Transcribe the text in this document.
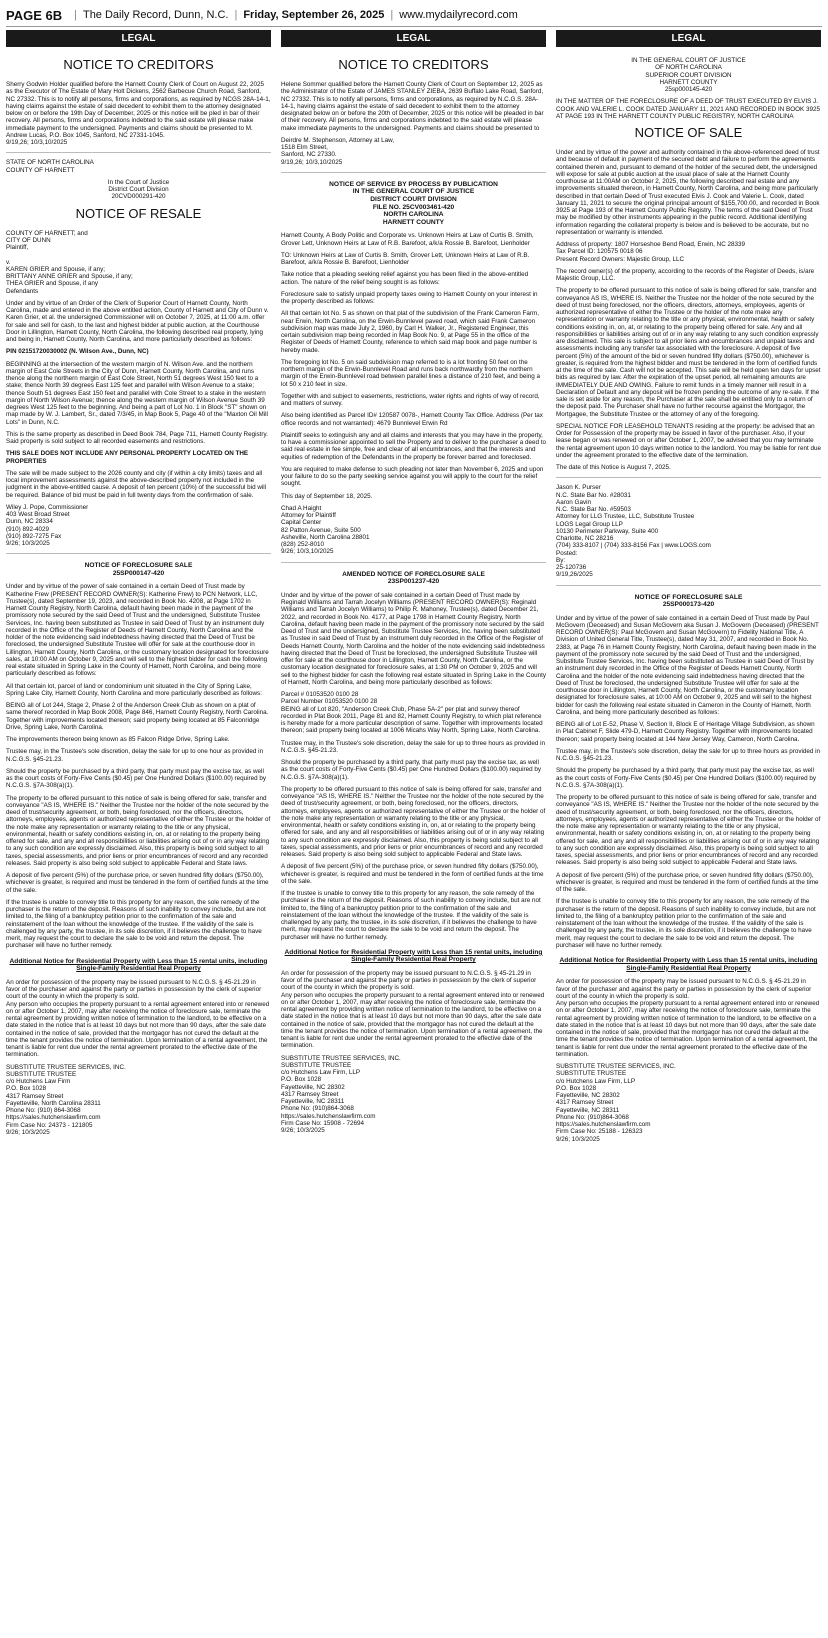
PAGE 6B | The Daily Record, Dunn, N.C. | Friday, September 26, 2025 | www.mydailyrecord.com
LEGAL
NOTICE TO CREDITORS

Sherry Godwin Holder qualified before the Harnett County Clerk of Court on August 22, 2025 as the Executor of The Estate of Mary Holt Dickens, 2562 Barbecue Church Road, Sanford, NC 27332. This is to notify all persons, firms and corporations, as required by NCGS 28A-14-1, having claims against the estate of said decedent to exhibit them to the attorney designated below on or before the 19th Day of December, 2025 or this notice will be pled in bar of their recovery. All persons, firms and corporations indebted to the said estate will please make immediate payment to the undersigned. Payments and claims should be presented to M. Andrew Lucas, P.O. Box 1045, Sanford, NC 27331-1045.
9/19,26; 10/3,10/2025

STATE OF NORTH CAROLINA
COUNTY OF HARNETT

In the Court of Justice
District Court Division
20CVD000291-420

NOTICE OF RESALE

COUNTY OF HARNETT; and
CITY OF DUNN
Plaintiff,

v.
KAREN GRIER and Spouse, if any;
BRITTANY ANNE GRIER and Spouse, if any;
THEA GRIER and Spouse, if any
Defendants

Under and by virtue of an Order of the Clerk of Superior Court of Harnett County, North Carolina, made and entered in the above entitled action, County of Harnett and City of Dunn v. Karen Grier, et al. the undersigned Commissioner will on October 7, 2025, at 11:00 a.m. offer for sale and sell for cash, to the last and highest bidder at public auction, at the Courthouse Door in Lillington, Harnett County, North Carolina, the following described real property, lying and being in, Harnett County, North Carolina, and more particularly described as follows:

PIN 02151720030002 (N. Wilson Ave., Dunn, NC)

BEGINNING at the intersection of the western margin of N. Wilson Ave. and the northern margin of East Cole Streets in the City of Dunn, Harnett County, North Carolina, and runs thence along the northern margin of East Cole Street, North 51 degrees West 150 feet to a stake; thence North 39 degrees East 125 feet and parallel with Wilson Avenue to a stake; thence South 51 degrees East 150 feet and parallel with Cole Street to a stake in the western margin of North Wilson Avenue; thence along the western margin of Wilson Avenue South 39 degrees West 125 feet to the beginning. And being a part of Lot No. 1 in Block "ST" shown on map made by W. J. Lambert, Sr., dated 7/3/45, in Map Book 5, Page 40 of the "Maxton Oil Mill Lots" in Dunn, N.C.

This is the same property as described in Deed Book 784, Page 711, Harnett County Registry. Said property is sold subject to all recorded easements and restrictions.

THIS SALE DOES NOT INCLUDE ANY PERSONAL PROPERTY LOCATED ON THE PROPERTIES

The sale will be made subject to the 2026 county and city (if within a city limits) taxes and all local improvement assessments against the above-described property not included in the judgment in the above-entitled cause. A deposit of ten percent (10%) of the successful bid will be required. Balance of bid must be paid in full twenty days from the confirmation of sale.

Wiley J. Pope, Commissioner
403 West Broad Street
Dunn, NC 28334
(910) 892-4029
(910) 892-7275 Fax
9/26; 10/3/2025

NOTICE OF FORECLOSURE SALE
25SP000147-420

Under and by virtue of the power of sale contained in a certain Deed of Trust made by Katherine Frew (PRESENT RECORD OWNER(S): Katherine Frew) to PCN Network, LLC, Trustee(s), dated September 19, 2023, and recorded in Book No. 4208, at Page 1702 in Harnett County Registry, North Carolina, default having been made in the payment of the promissory note secured by the said Deed of Trust and the undersigned, Substitute Trustee Services, Inc. having been substituted as Trustee in said Deed of Trust by an instrument duly recorded in the Office of the Register of Deeds of Harnett County, North Carolina and the holder of the note evidencing said indebtedness having directed that the Deed of Trust be foreclosed, the undersigned Substitute Trustee will offer for sale at the courthouse door in Lillington, Harnett County, North Carolina, or the customary location designated for foreclosure sales, at 10:00 AM on October 9, 2025 and will sell to the highest bidder for cash the following real estate situated in Spring Lake in the County of Harnett, North Carolina, and being more particularly described as follows:

All that certain lot, parcel of land or condominium unit situated in the City of Spring Lake, Spring Lake City, Harnett County, North Carolina and more particularly described as follows:

BEING all of Lot 244, Stage 2, Phase 2 of the Anderson Creek Club as shown on a plat of same thereof recorded in Map Book 2008, Page 846, Harnett County Registry, North Carolina. Together with improvements located thereon; said property being located at 85 Falconridge Drive, Spring Lake, North Carolina.

The improvements thereon being known as 85 Falcon Ridge Drive, Spring Lake.

Trustee may, in the Trustee's sole discretion, delay the sale for up to one hour as provided in N.C.G.S. §45-21.23.

Should the property be purchased by a third party, that party must pay the excise tax, as well as the court costs of Forty-Five Cents ($0.45) per One Hundred Dollars ($100.00) required by N.C.G.S. §7A-308(a)(1).

The property to be offered pursuant to this notice of sale is being offered for sale, transfer and conveyance "AS IS, WHERE IS." Neither the Trustee nor the holder of the note secured by the deed of trust/security agreement, or both, being foreclosed, nor the officers, directors, attorneys, employees, agents or authorized representative of either the Trustee or the holder of the note make any representation or warranty relating to the title or any physical, environmental, health or safety conditions existing in, on, at or relating to the property being offered for sale, and any and all responsibilities or liabilities arising out of or in any way relating to any such condition are expressly disclaimed. Also, this property is being sold subject to all taxes, special assessments, and prior liens or prior encumbrances of record and any recorded releases. Said property is also being sold subject to applicable Federal and State laws.

A deposit of five percent (5%) of the purchase price, or seven hundred fifty dollars ($750.00), whichever is greater, is required and must be tendered in the form of certified funds at the time of the sale.

If the trustee is unable to convey title to this property for any reason, the sole remedy of the purchaser is the return of the deposit. Reasons of such inability to convey include, but are not limited to, the filing of a bankruptcy petition prior to the confirmation of the sale and reinstatement of the loan without the knowledge of the trustee. If the validity of the sale is challenged by any party, the trustee, in its sole discretion, if it believes the challenge to have merit, may request the court to declare the sale to be void and return the deposit. The purchaser will have no further remedy.

Additional Notice for Residential Property with Less than 15 rental units, including Single-Family Residential Real Property

An order for possession of the property may be issued pursuant to N.C.G.S. § 45-21.29 in favor of the purchaser and against the party or parties in possession by the clerk of superior court of the county in which the property is sold.
Any person who occupies the property pursuant to a rental agreement entered into or renewed on or after October 1, 2007, may after receiving the notice of foreclosure sale, terminate the rental agreement by providing written notice of termination to the landlord, to be effective on a date stated in the notice that is at least 10 days but not more than 90 days, after the sale date contained in the notice of sale, provided that the mortgagor has not cured the default at the time the tenant provides the notice of termination. Upon termination of a rental agreement, the tenant is liable for rent due under the rental agreement prorated to the effective date of the termination.

SUBSTITUTE TRUSTEE SERVICES, INC.
SUBSTITUTE TRUSTEE
c/o Hutchens Law Firm
P.O. Box 1028
4317 Ramsey Street
Fayetteville, North Carolina 28311
Phone No: (910) 864-3068
https://sales.hutchenslawfirm.com
Firm Case No: 24373 - 121805
9/26; 10/3/2025

LEGAL
NOTICE TO CREDITORS

Helene Sommer qualified before the Harnett County Clerk of Court on September 12, 2025 as the Administrator of the Estate of JAMES STANLEY ZIEBA, 2639 Buffalo Lake Road, Sanford, NC 27332. This is to notify all persons, firms and corporations, as required by N.C.G.S. 28A-14-1, having claims against the estate of said decedent to exhibit them to the attorney designated below on or before the 20th of December, 2025 or this notice will be pleaded in bar of their recovery. All persons, firms and corporations indebted to the said estate will please make immediate payments to the undersigned. Payments and claims should be presented to

Deirdre M. Stephenson, Attorney at Law,
1518 Elm Street,
Sanford, NC 27330.
9/19,26; 10/3,10/2025

NOTICE OF SERVICE BY PROCESS BY PUBLICATION
IN THE GENERAL COURT OF JUSTICE
DISTRICT COURT DIVISION
FILE NO. 25CV003461-420
NORTH CAROLINA
HARNETT COUNTY

Harnett County, A Body Politic and Corporate vs. Unknown Heirs at Law of Curtis B. Smith, Grover Lett, Unknown Heirs at Law of R.B. Barefoot, a/k/a Rossie B. Barefoot, Lienholder

TO: Unknown Heirs at Law of Curtis B. Smith, Grover Lett, Unknown Heirs at Law of R.B. Barefoot, a/k/a Rossie B. Barefoot, Lienholder

Take notice that a pleading seeking relief against you has been filed in the above-entitled action. The nature of the relief being sought is as follows:

Foreclosure sale to satisfy unpaid property taxes owing to Harnett County on your interest in the property described as follows:

All that certain lot No. 5 as shown on that plat of the subdivision of the Frank Cameron Farm, near Erwin, North Carolina, on the Erwin-Bunnlevel paved road, which said Frank Cameron subdivision map was made July 2, 1960, by Carl H. Walker, Jr., Registered Engineer, this certain subdivision map being recorded in Map Book No. 9, at Page 55 in the office of the Register of Deeds of Harnett County, reference to which said map book and page number is hereby made.

The foregoing lot No. 5 on said subdivision map referred to is a lot fronting 50 feet on the northern margin of the Erwin-Bunnlevel Road and runs back northwardly from the northern margin of the Erwin-Bunnlevel road between parallel lines a distance of 210 feet, and being a lot 50 x 210 feet in size.

Together with and subject to easements, restrictions, water rights and rights of way of record, and matters of survey.

Also being identified as Parcel ID# 120587 0078-, Harnett County Tax Office. Address (Per tax office records and not warranted): 4679 Bunnlevel Erwin Rd

Plaintiff seeks to extinguish any and all claims and interests that you may have in the property, to have a commissioner appointed to sell the Property and to deliver to the purchaser a deed to said real estate in fee simple, free and clear of all encumbrances, and that the interests and equities of redemption of the Defendants in the property be forever barred and foreclosed.

You are required to make defense to such pleading not later than November 6, 2025 and upon your failure to do so the party seeking service against you will apply to the court for the relief sought.

This day of September 18, 2025.

Chad A Haight
Attorney for Plaintiff
Capital Center
82 Patton Avenue, Suite 500
Asheville, North Carolina 28801
(828) 252-8010
9/26; 10/3,10/2025

AMENDED NOTICE OF FORECLOSURE SALE
23SP001237-420

Under and by virtue of the power of sale contained in a certain Deed of Trust made by Reginald Williams and Tarrah Jocelyn Williams (PRESENT RECORD OWNER(S): Reginald Williams and Tarrah Jocelyn Williams) to Philip R. Mahoney, Trustee(s), dated December 21, 2022, and recorded in Book No. 4177, at Page 1798 in Harnett County Registry, North Carolina, default having been made in the payment of the promissory note secured by the said Deed of Trust and the undersigned, Substitute Trustee Services, Inc. having been substituted as Trustee in said Deed of Trust by an instrument duly recorded in the Office of the Register of Deeds Harnett County, North Carolina and the holder of the note evidencing said indebtedness having directed that the Deed of Trust be foreclosed, the undersigned Substitute Trustee will offer for sale at the courthouse door in Lillington, Harnett County, North Carolina, or the customary location designated for foreclosure sales, at 1:30 PM on October 9, 2025 and will sell to the highest bidder for cash the following real estate situated in Spring Lake in the County of Harnett, North Carolina, and being more particularly described as follows:

Parcel # 01053520 0100 28
Parcel Number 01053520 0100 28
BEING all of Lot 820, "Anderson Creek Club, Phase 5A-2" per plat and survey thereof recorded in Plat Book 2011, Page 81 and 82, Harnett County Registry, to which plat reference is hereby made for a more particular description of same. Together with improvements located thereon; said property being located at 1006 Micahs Way North, Spring Lake, North Carolina.

Trustee may, in the Trustee's sole discretion, delay the sale for up to three hours as provided in N.C.G.S. §45-21.23.

Should the property be purchased by a third party, that party must pay the excise tax, as well as the court costs of Forty-Five Cents ($0.45) per One Hundred Dollars ($100.00) required by N.C.G.S. §7A-308(a)(1).

The property to be offered pursuant to this notice of sale is being offered for sale, transfer and conveyance "AS IS, WHERE IS." Neither the Trustee nor the holder of the note secured by the deed of trust/security agreement, or both, being foreclosed, nor the officers, directors, attorneys, employees, agents or authorized representative of either the Trustee or the holder of the note make any representation or warranty relating to the title or any physical, environmental, health or safety conditions existing in, on, at or relating to the property being offered for sale, and any and all responsibilities or liabilities arising out of or in any way relating to any such condition are expressly disclaimed. Also, this property is being sold subject to all taxes, special assessments, and prior liens or prior encumbrances of record and any recorded releases. Said property is also being sold subject to applicable Federal and State laws.

A deposit of five percent (5%) of the purchase price, or seven hundred fifty dollars ($750.00), whichever is greater, is required and must be tendered in the form of certified funds at the time of the sale.

If the trustee is unable to convey title to this property for any reason, the sole remedy of the purchaser is the return of the deposit. Reasons of such inability to convey include, but are not limited to, the filing of a bankruptcy petition prior to the confirmation of the sale and reinstatement of the loan without the knowledge of the trustee. If the validity of the sale is challenged by any party, the trustee, in its sole discretion, if it believes the challenge to have merit, may request the court to declare the sale to be void and return the deposit. The purchaser will have no further remedy.

Additional Notice for Residential Property with Less than 15 rental units, including Single-Family Residential Real Property

An order for possession of the property may be issued pursuant to N.C.G.S. § 45-21.29 in favor of the purchaser and against the party or parties in possession by the clerk of superior court of the county in which the property is sold.
Any person who occupies the property pursuant to a rental agreement entered into or renewed on or after October 1, 2007, may after receiving the notice of foreclosure sale, terminate the rental agreement by providing written notice of termination to the landlord, to be effective on a date stated in the notice that is at least 10 days but not more than 90 days, after the sale date contained in the notice of sale, provided that the mortgagor has not cured the default at the time the tenant provides the notice of termination. Upon termination of a rental agreement, the tenant is liable for rent due under the rental agreement prorated to the effective date of the termination.

SUBSTITUTE TRUSTEE SERVICES, INC.
SUBSTITUTE TRUSTEE
c/o Hutchens Law Firm, LLP
P.O. Box 1028
Fayetteville, NC 28302
4317 Ramsey Street
Fayetteville, NC 28311
Phone No: (910)864-3068
https://sales.hutchenslawfirm.com
Firm Case No: 15908 - 72694
9/26; 10/3/2025

LEGAL

IN THE GENERAL COURT OF JUSTICE
OF NORTH CAROLINA
SUPERIOR COURT DIVISION
HARNETT COUNTY
25sp000145-420

IN THE MATTER OF THE FORECLOSURE OF A DEED OF TRUST EXECUTED BY ELVIS J. COOK AND VALERIE L. COOK DATED JANUARY 11, 2021 AND RECORDED IN BOOK 3925 AT PAGE 193 IN THE HARNETT COUNTY PUBLIC REGISTRY, NORTH CAROLINA

NOTICE OF SALE

Under and by virtue of the power and authority contained in the above-referenced deed of trust and because of default in payment of the secured debt and failure to perform the agreements contained therein and, pursuant to demand of the holder of the secured debt, the undersigned will expose for sale at public auction at the usual place of sale at the Harnett County courthouse at 11:00AM on October 2, 2025, the following described real estate and any improvements situated thereon, in Harnett County, North Carolina, and being more particularly described in that certain Deed of Trust executed Elvis J. Cook and Valerie L. Cook, dated January 11, 2021 to secure the original principal amount of $155,700.00, and recorded in Book 3925 at Page 193 of the Harnett County Public Registry. The terms of the said Deed of Trust may be modified by other instruments appearing in the public record. Additional identifying information regarding the collateral property is below and is believed to be accurate, but no representation or warranty is intended.

Address of property: 1807 Horseshoe Bend Road, Erwin, NC 28339
Tax Parcel ID: 120575 0018 06
Present Record Owners: Majestic Group, LLC

The record owner(s) of the property, according to the records of the Register of Deeds, is/are Majestic Group, LLC.

The property to be offered pursuant to this notice of sale is being offered for sale, transfer and conveyance AS IS, WHERE IS. Neither the Trustee nor the holder of the note secured by the deed of trust being foreclosed, nor the officers, directors, attorneys, employees, agents or authorized representative of either the Trustee or the holder of the note make any representation or warranty relating to the title or any physical, environmental, health or safety conditions existing in, on, at, or relating to the property being offered for sale. Any and all responsibilities or liabilities arising out of or in any way relating to any such condition expressly are disclaimed. This sale is subject to all prior liens and encumbrances and unpaid taxes and assessments including any transfer tax associated with the foreclosure. A deposit of five percent (5%) of the amount of the bid or seven hundred fifty dollars ($750.00), whichever is greater, is required from the highest bidder and must be tendered in the form of certified funds at the time of the sale. Cash will not be accepted. This sale will be held open ten days for upset bids as required by law. After the expiration of the upset period, all remaining amounts are IMMEDIATELY DUE AND OWING. Failure to remit funds in a timely manner will result in a Declaration of Default and any deposit will be frozen pending the outcome of any re-sale. If the sale is set aside for any reason, the Purchaser at the sale shall be entitled only to a return of the deposit paid. The Purchaser shall have no further recourse against the Mortgagor, the Mortgagee, the Substitute Trustee or the attorney of any of the foregoing.

SPECIAL NOTICE FOR LEASEHOLD TENANTS residing at the property: be advised that an Order for Possession of the property may be issued in favor of the purchaser. Also, if your lease began or was renewed on or after October 1, 2007, be advised that you may terminate the rental agreement upon 10 days written notice to the landlord. You may be liable for rent due under the agreement prorated to the effective date of the termination.

The date of this Notice is August 7, 2025.

Jason K. Purser
N.C. State Bar No. #28031
Aaron Gavin
N.C. State Bar No. #59503
Attorney for LLG Trustee, LLC, Substitute Trustee
LOGS Legal Group LLP
10130 Perimeter Parkway, Suite 400
Charlotte, NC 28216
(704) 333-8107 | (704) 333-8156 Fax | www.LOGS.com
Posted:
By:
25-120736
9/19,26/2025

NOTICE OF FORECLOSURE SALE
25SP000173-420

Under and by virtue of the power of sale contained in a certain Deed of Trust made by Paul McGovern (Deceased) and Susan McGovern aka Susan J. McGovern (Deceased) (PRESENT RECORD OWNER(S): Paul McGovern and Susan McGovern) to Fidelity National Title, A Division of United General Title, Trustee(s), dated May 31, 2007, and recorded in Book No. 2383, at Page 76 in Harnett County Registry, North Carolina, default having been made in the payment of the promissory note secured by the said Deed of Trust and the undersigned, Substitute Trustee Services, Inc. having been substituted as Trustee in said Deed of Trust by an instrument duly recorded in the Office of the Register of Deeds Harnett County, North Carolina and the holder of the note evidencing said indebtedness having directed that the Deed of Trust be foreclosed, the undersigned Substitute Trustee will offer for sale at the courthouse door in Lillington, Harnett County, North Carolina, or the customary location designated for foreclosure sales, at 10:00 AM on October 9, 2025 and will sell to the highest bidder for cash the following real estate situated in Cameron in the County of Harnett, North Carolina, and being more particularly described as follows:

BEING all of Lot E-52, Phase V, Section II, Block E of Heritage Village Subdivision, as shown in Plat Cabinet F, Slide 479-D, Harnett County Registry. Together with improvements located thereon; said property being located at 144 New Jersey Way, Cameron, North Carolina.

Trustee may, in the Trustee's sole discretion, delay the sale for up to three hours as provided in N.C.G.S. §45-21.23.

Should the property be purchased by a third party, that party must pay the excise tax, as well as the court costs of Forty-Five Cents ($0.45) per One Hundred Dollars ($100.00) required by N.C.G.S. §7A-308(a)(1).

The property to be offered pursuant to this notice of sale is being offered for sale, transfer and conveyance "AS IS, WHERE IS." Neither the Trustee nor the holder of the note secured by the deed of trust/security agreement, or both, being foreclosed, nor the officers, directors, attorneys, employees, agents or authorized representative of either the Trustee or the holder of the note make any representation or warranty relating to the title or any physical, environmental, health or safety conditions existing in, on, at or relating to the property being offered for sale, and any and all responsibilities or liabilities arising out of or in any way relating to any such condition are expressly disclaimed. Also, this property is being sold subject to all taxes, special assessments, and prior liens or prior encumbrances of record and any recorded releases. Said property is also being sold subject to applicable Federal and State laws.

A deposit of five percent (5%) of the purchase price, or seven hundred fifty dollars ($750.00), whichever is greater, is required and must be tendered in the form of certified funds at the time of the sale.

If the trustee is unable to convey title to this property for any reason, the sole remedy of the purchaser is the return of the deposit. Reasons of such inability to convey include, but are not limited to, the filing of a bankruptcy petition prior to the confirmation of the sale and reinstatement of the loan without the knowledge of the trustee. If the validity of the sale is challenged by any party, the trustee, in its sole discretion, if it believes the challenge to have merit, may request the court to declare the sale to be void and return the deposit. The purchaser will have no further remedy.

Additional Notice for Residential Property with Less than 15 rental units, including Single-Family Residential Real Property

An order for possession of the property may be issued pursuant to N.C.G.S. § 45-21.29 in favor of the purchaser and against the party or parties in possession by the clerk of superior court of the county in which the property is sold.
Any person who occupies the property pursuant to a rental agreement entered into or renewed on or after October 1, 2007, may after receiving the notice of foreclosure sale, terminate the rental agreement by providing written notice of termination to the landlord, to be effective on a date stated in the notice that is at least 10 days but not more than 90 days, after the sale date contained in the notice of sale, provided that the mortgagor has not cured the default at the time the tenant provides the notice of termination. Upon termination of a rental agreement, the tenant is liable for rent due under the rental agreement prorated to the effective date of the termination.

SUBSTITUTE TRUSTEE SERVICES, INC.
SUBSTITUTE TRUSTEE
c/o Hutchens Law Firm, LLP
P.O. Box 1028
Fayetteville, NC 28302
4317 Ramsey Street
Fayetteville, NC 28311
Phone No: (910)864-3068
https://sales.hutchenslawfirm.com
Firm Case No: 25188 - 126323
9/26; 10/3/2025
